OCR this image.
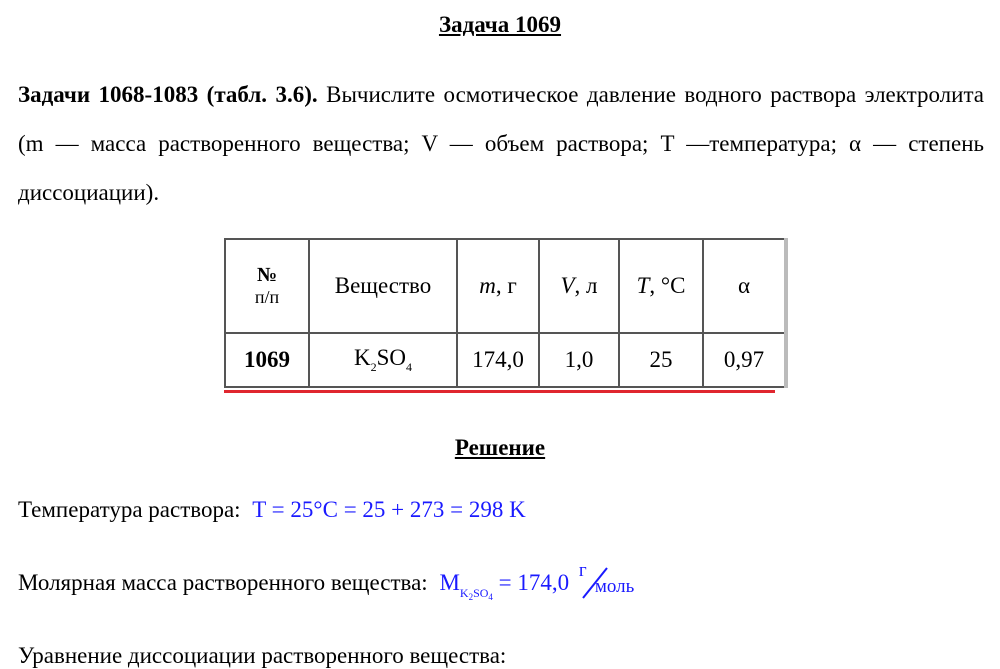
Задача 1069
Задачи 1068-1083 (табл. 3.6). Вычислите осмотическое давление водного раствора электролита (m — масса растворенного вещества; V — объем раствора; T —температура; α — степень диссоциации).
№
п/п	Вещество	m, г	V, л	T, °С	α
1069	$K_2SO_4$	174,0	1,0	25	0,97
Решение
Температура раствора: T = 25°C = 25 + 273 = 298 K
Молярная масса растворенного вещества: $M_{K_2SO_4} = 174,0$ г
моль
Уравнение диссоциации растворенного вещества:
